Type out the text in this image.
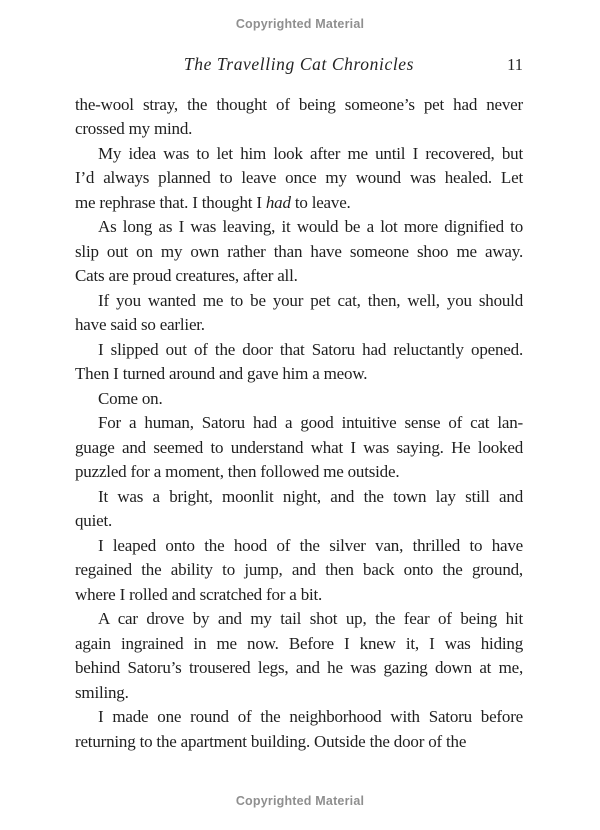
Copyrighted Material
The Travelling Cat Chronicles	11
the-wool stray, the thought of being someone’s pet had never
crossed my mind.
My idea was to let him look after me until I recovered, but
I’d always planned to leave once my wound was healed. Let
me rephrase that. I thought I had to leave.
As long as I was leaving, it would be a lot more dignified to
slip out on my own rather than have someone shoo me away.
Cats are proud creatures, after all.
If you wanted me to be your pet cat, then, well, you should
have said so earlier.
I slipped out of the door that Satoru had reluctantly opened.
Then I turned around and gave him a meow.
Come on.
For a human, Satoru had a good intuitive sense of cat lan-
guage and seemed to understand what I was saying. He looked
puzzled for a moment, then followed me outside.
It was a bright, moonlit night, and the town lay still and
quiet.
I leaped onto the hood of the silver van, thrilled to have
regained the ability to jump, and then back onto the ground,
where I rolled and scratched for a bit.
A car drove by and my tail shot up, the fear of being hit
again ingrained in me now. Before I knew it, I was hiding
behind Satoru’s trousered legs, and he was gazing down at me,
smiling.
I made one round of the neighborhood with Satoru before
returning to the apartment building. Outside the door of the
Copyrighted Material
